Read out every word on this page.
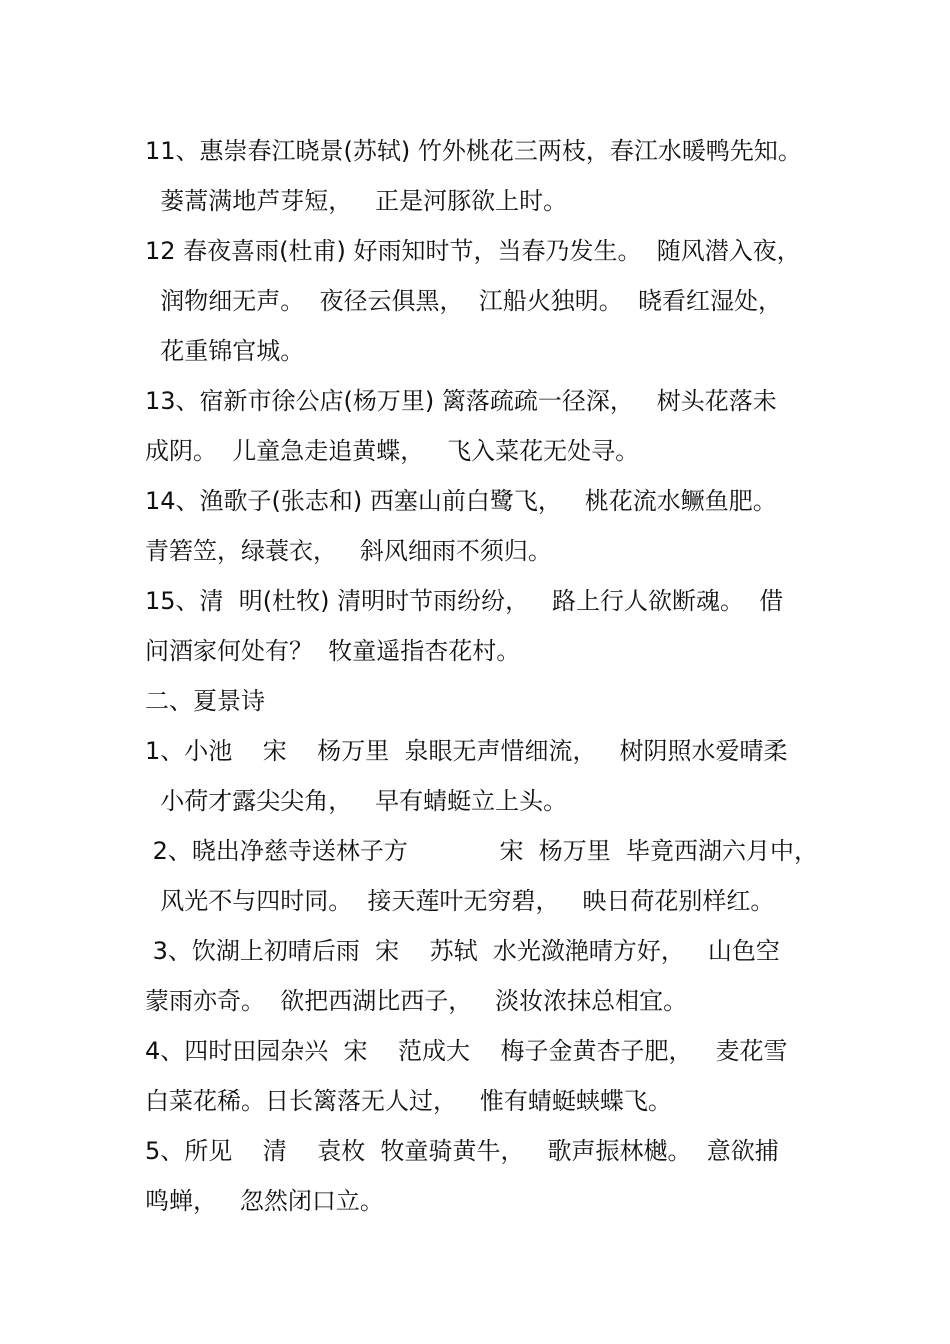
11、惠崇春江晓景(苏轼) 竹外桃花三两枝，春江水暖鸭先知。
蒌蒿满地芦芽短，   正是河豚欲上时。
12 春夜喜雨(杜甫) 好雨知时节，当春乃发生。  随风潜入夜，
润物细无声。  夜径云俱黑，  江船火独明。  晓看红湿处，
花重锦官城。
13、宿新市徐公店(杨万里) 篱落疏疏一径深，   树头花落未
成阴。  儿童急走追黄蝶，   飞入菜花无处寻。
14、渔歌子(张志和) 西塞山前白鹭飞，   桃花流水鳜鱼肥。
青箬笠，绿蓑衣，   斜风细雨不须归。
15、清  明(杜牧) 清明时节雨纷纷，   路上行人欲断魂。  借
问酒家何处有？  牧童遥指杏花村。
二、夏景诗
1、小池    宋    杨万里  泉眼无声惜细流，   树阴照水爱晴柔
小荷才露尖尖角，   早有蜻蜓立上头。
2、晓出净慈寺送林子方            宋  杨万里  毕竟西湖六月中，
风光不与四时同。  接天莲叶无穷碧，   映日荷花别样红。
3、饮湖上初晴后雨  宋    苏轼  水光潋滟晴方好，   山色空
蒙雨亦奇。  欲把西湖比西子，   淡妆浓抹总相宜。
4、四时田园杂兴  宋    范成大    梅子金黄杏子肥，   麦花雪
白菜花稀。日长篱落无人过，   惟有蜻蜓蛱蝶飞。
5、所见    清    袁枚  牧童骑黄牛，   歌声振林樾。  意欲捕
鸣蝉，   忽然闭口立。
